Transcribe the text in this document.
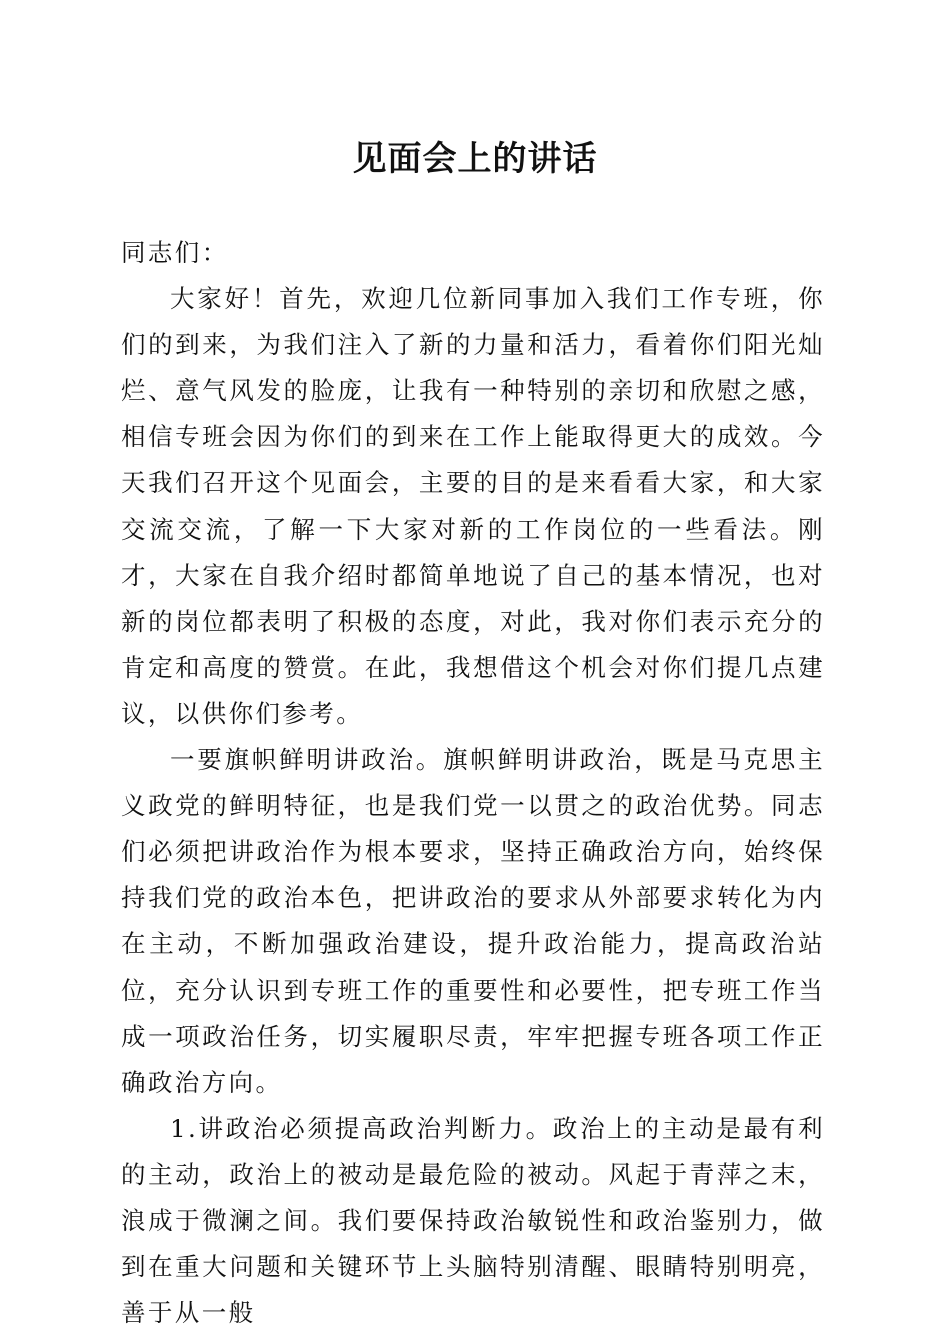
见面会上的讲话

同志们：

大家好！首先，欢迎几位新同事加入我们工作专班，你们的到来，为我们注入了新的力量和活力，看着你们阳光灿烂、意气风发的脸庞，让我有一种特别的亲切和欣慰之感，相信专班会因为你们的到来在工作上能取得更大的成效。今天我们召开这个见面会，主要的目的是来看看大家，和大家交流交流，了解一下大家对新的工作岗位的一些看法。刚才，大家在自我介绍时都简单地说了自己的基本情况，也对新的岗位都表明了积极的态度，对此，我对你们表示充分的肯定和高度的赞赏。在此，我想借这个机会对你们提几点建议，以供你们参考。

一要旗帜鲜明讲政治。旗帜鲜明讲政治，既是马克思主义政党的鲜明特征，也是我们党一以贯之的政治优势。同志们必须把讲政治作为根本要求，坚持正确政治方向，始终保持我们党的政治本色，把讲政治的要求从外部要求转化为内在主动，不断加强政治建设，提升政治能力，提高政治站位，充分认识到专班工作的重要性和必要性，把专班工作当成一项政治任务，切实履职尽责，牢牢把握专班各项工作正确政治方向。

1.讲政治必须提高政治判断力。政治上的主动是最有利的主动，政治上的被动是最危险的被动。风起于青萍之末，浪成于微澜之间。我们要保持政治敏锐性和政治鉴别力，做到在重大问题和关键环节上头脑特别清醒、眼睛特别明亮，善于从一般
